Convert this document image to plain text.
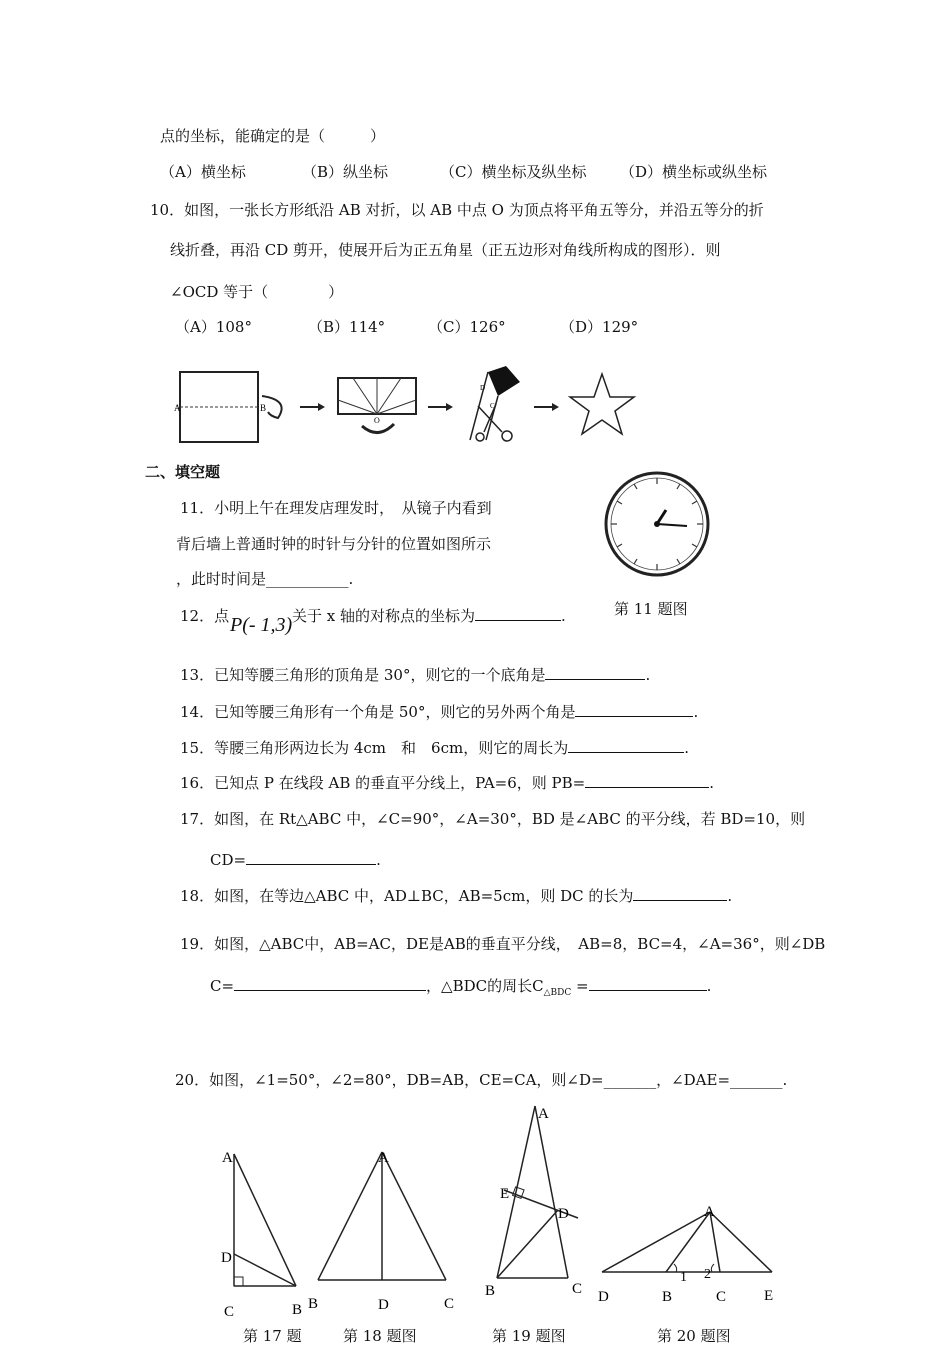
点的坐标，能确定的是（　　　）
（A）横坐标	（B）纵坐标	（C）横坐标及纵坐标 （D）横坐标或纵坐标
10．如图，一张长方形纸沿 AB 对折，以 AB 中点 O 为顶点将平角五等分，并沿五等分的折
线折叠，再沿 CD 剪开，使展开后为正五角星（正五边形对角线所构成的图形）．则
∠OCD 等于（　　　　）
（A）108°	（B）114°	（C）126°	（D）129°
A	B
O
D
C
二、填空题
11．小明上午在理发店理发时，　从镜子内看到
背后墙上普通时钟的时针与分针的位置如图所示
，此时时间是___________.
第 11 题图
12．点 P(- 1,3) 关于 x 轴的对称点的坐标为	.
13．已知等腰三角形的顶角是 30°，则它的一个底角是	.
14．已知等腰三角形有一个角是 50°，则它的另外两个角是	.
15．等腰三角形两边长为 4cm　和　6cm，则它的周长为	.
16．已知点 P 在线段 AB 的垂直平分线上，PA=6，则 PB=	.
17．如图，在 Rt△ABC 中，∠C=90°，∠A=30°，BD 是∠ABC 的平分线，若 BD=10，则
CD=	.
18．如图，在等边△ABC 中，AD⊥BC，AB=5cm，则 DC 的长为	.
19．如图，△ABC中，AB=AC，DE是AB的垂直平分线，　AB=8，BC=4，∠A=36°，则∠DB
C=	，△BDC的周长$C_{\triangle BDC}$ =	.
20．如图，∠1=50°，∠2=80°，DB=AB，CE=CA，则∠D=_______，∠DAE=_______.
A
D
C	B
A
B	D	C
A
E
D
B	C
A
1 2
D	B	C	E
第 17 题	第 18 题图	第 19 题图	第 20 题图
